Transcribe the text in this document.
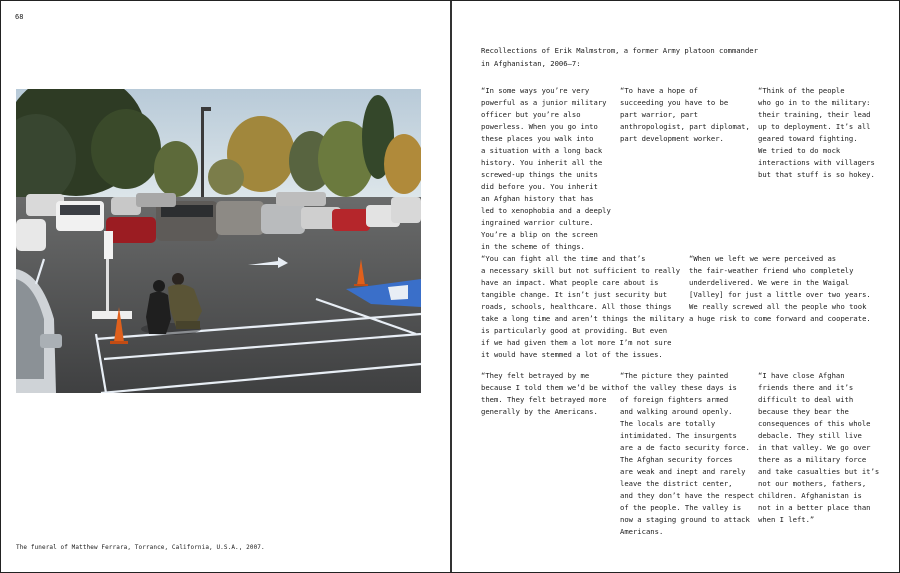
68
The funeral of Matthew Ferrara, Torrance, California, U.S.A., 2007.
Recollections of Erik Malmstrom, a former Army platoon commander
in Afghanistan, 2006–7:
“In some ways you’re very
powerful as a junior military
officer but you’re also
powerless. When you go into
these places you walk into
a situation with a long back
history. You inherit all the
screwed-up things the units
did before you. You inherit
an Afghan history that has
led to xenophobia and a deeply
ingrained warrior culture.
You’re a blip on the screen
in the scheme of things.
“To have a hope of
succeeding you have to be
part warrior, part
anthropologist, part diplomat,
part development worker.
“Think of the people
who go in to the military:
their training, their lead
up to deployment. It’s all
geared toward fighting.
We tried to do mock
interactions with villagers
but that stuff is so hokey.
“You can fight all the time and that’s
a necessary skill but not sufficient to really
have an impact. What people care about is
tangible change. It isn’t just security but
roads, schools, healthcare. All those things
take a long time and aren’t things the military
is particularly good at providing. But even
if we had given them a lot more I’m not sure
it would have stemmed a lot of the issues.
“When we left we were perceived as
the fair-weather friend who completely
underdelivered. We were in the Waigal
[Valley] for just a little over two years.
We really screwed all the people who took
a huge risk to come forward and cooperate.
“They felt betrayed by me
because I told them we’d be with
them. They felt betrayed more
generally by the Americans.
“The picture they painted
of the valley these days is
of foreign fighters armed
and walking around openly.
The locals are totally
intimidated. The insurgents
are a de facto security force.
The Afghan security forces
are weak and inept and rarely
leave the district center,
and they don’t have the respect
of the people. The valley is
now a staging ground to attack
Americans.
“I have close Afghan
friends there and it’s
difficult to deal with
because they bear the
consequences of this whole
debacle. They still live
in that valley. We go over
there as a military force
and take casualties but it’s
not our mothers, fathers,
children. Afghanistan is
not in a better place than
when I left.”
